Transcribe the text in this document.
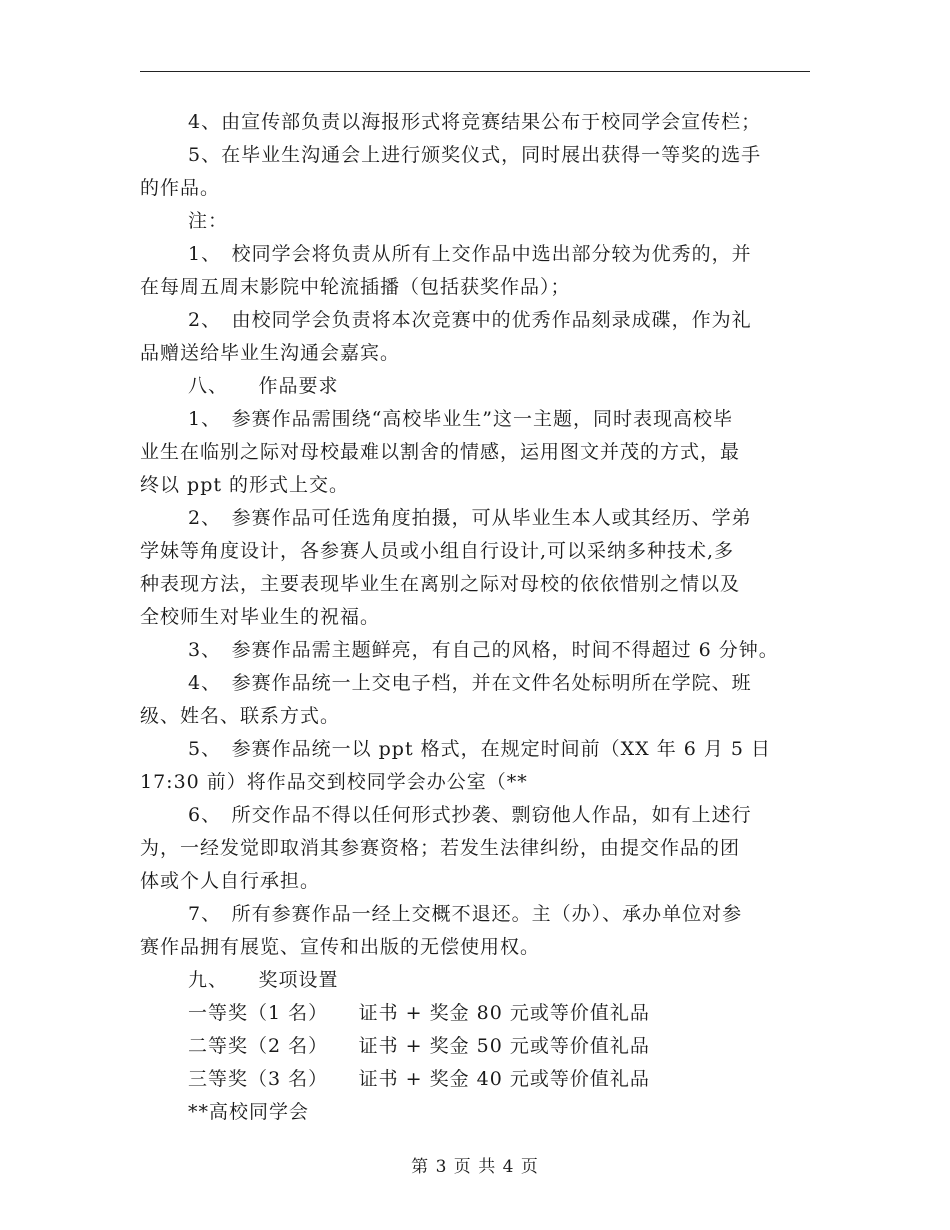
4、由宣传部负责以海报形式将竞赛结果公布于校同学会宣传栏；
5、在毕业生沟通会上进行颁奖仪式，同时展出获得一等奖的选手
的作品。
注：
1、　校同学会将负责从所有上交作品中选出部分较为优秀的，并
在每周五周末影院中轮流插播（包括获奖作品）；
2、　由校同学会负责将本次竞赛中的优秀作品刻录成碟，作为礼
品赠送给毕业生沟通会嘉宾。
八、　　作品要求
1、　参赛作品需围绕“高校毕业生”这一主题，同时表现高校毕
业生在临别之际对母校最难以割舍的情感，运用图文并茂的方式，最
终以 ppt 的形式上交。
2、　参赛作品可任选角度拍摄，可从毕业生本人或其经历、学弟
学妹等角度设计，各参赛人员或小组自行设计,可以采纳多种技术,多
种表现方法，主要表现毕业生在离别之际对母校的依依惜别之情以及
全校师生对毕业生的祝福。
3、　参赛作品需主题鲜亮，有自己的风格，时间不得超过 6 分钟。
4、　参赛作品统一上交电子档，并在文件名处标明所在学院、班
级、姓名、联系方式。
5、　参赛作品统一以 ppt 格式，在规定时间前（XX 年 6 月 5 日
17:30 前）将作品交到校同学会办公室（**
6、　所交作品不得以任何形式抄袭、剽窃他人作品，如有上述行
为，一经发觉即取消其参赛资格；若发生法律纠纷，由提交作品的团
体或个人自行承担。
7、　所有参赛作品一经上交概不退还。主（办）、承办单位对参
赛作品拥有展览、宣传和出版的无偿使用权。
九、　　奖项设置
一等奖（1 名）　　证书 + 奖金 80 元或等价值礼品
二等奖（2 名）　　证书 + 奖金 50 元或等价值礼品
三等奖（3 名）　　证书 + 奖金 40 元或等价值礼品
**高校同学会
第 3 页 共 4 页
